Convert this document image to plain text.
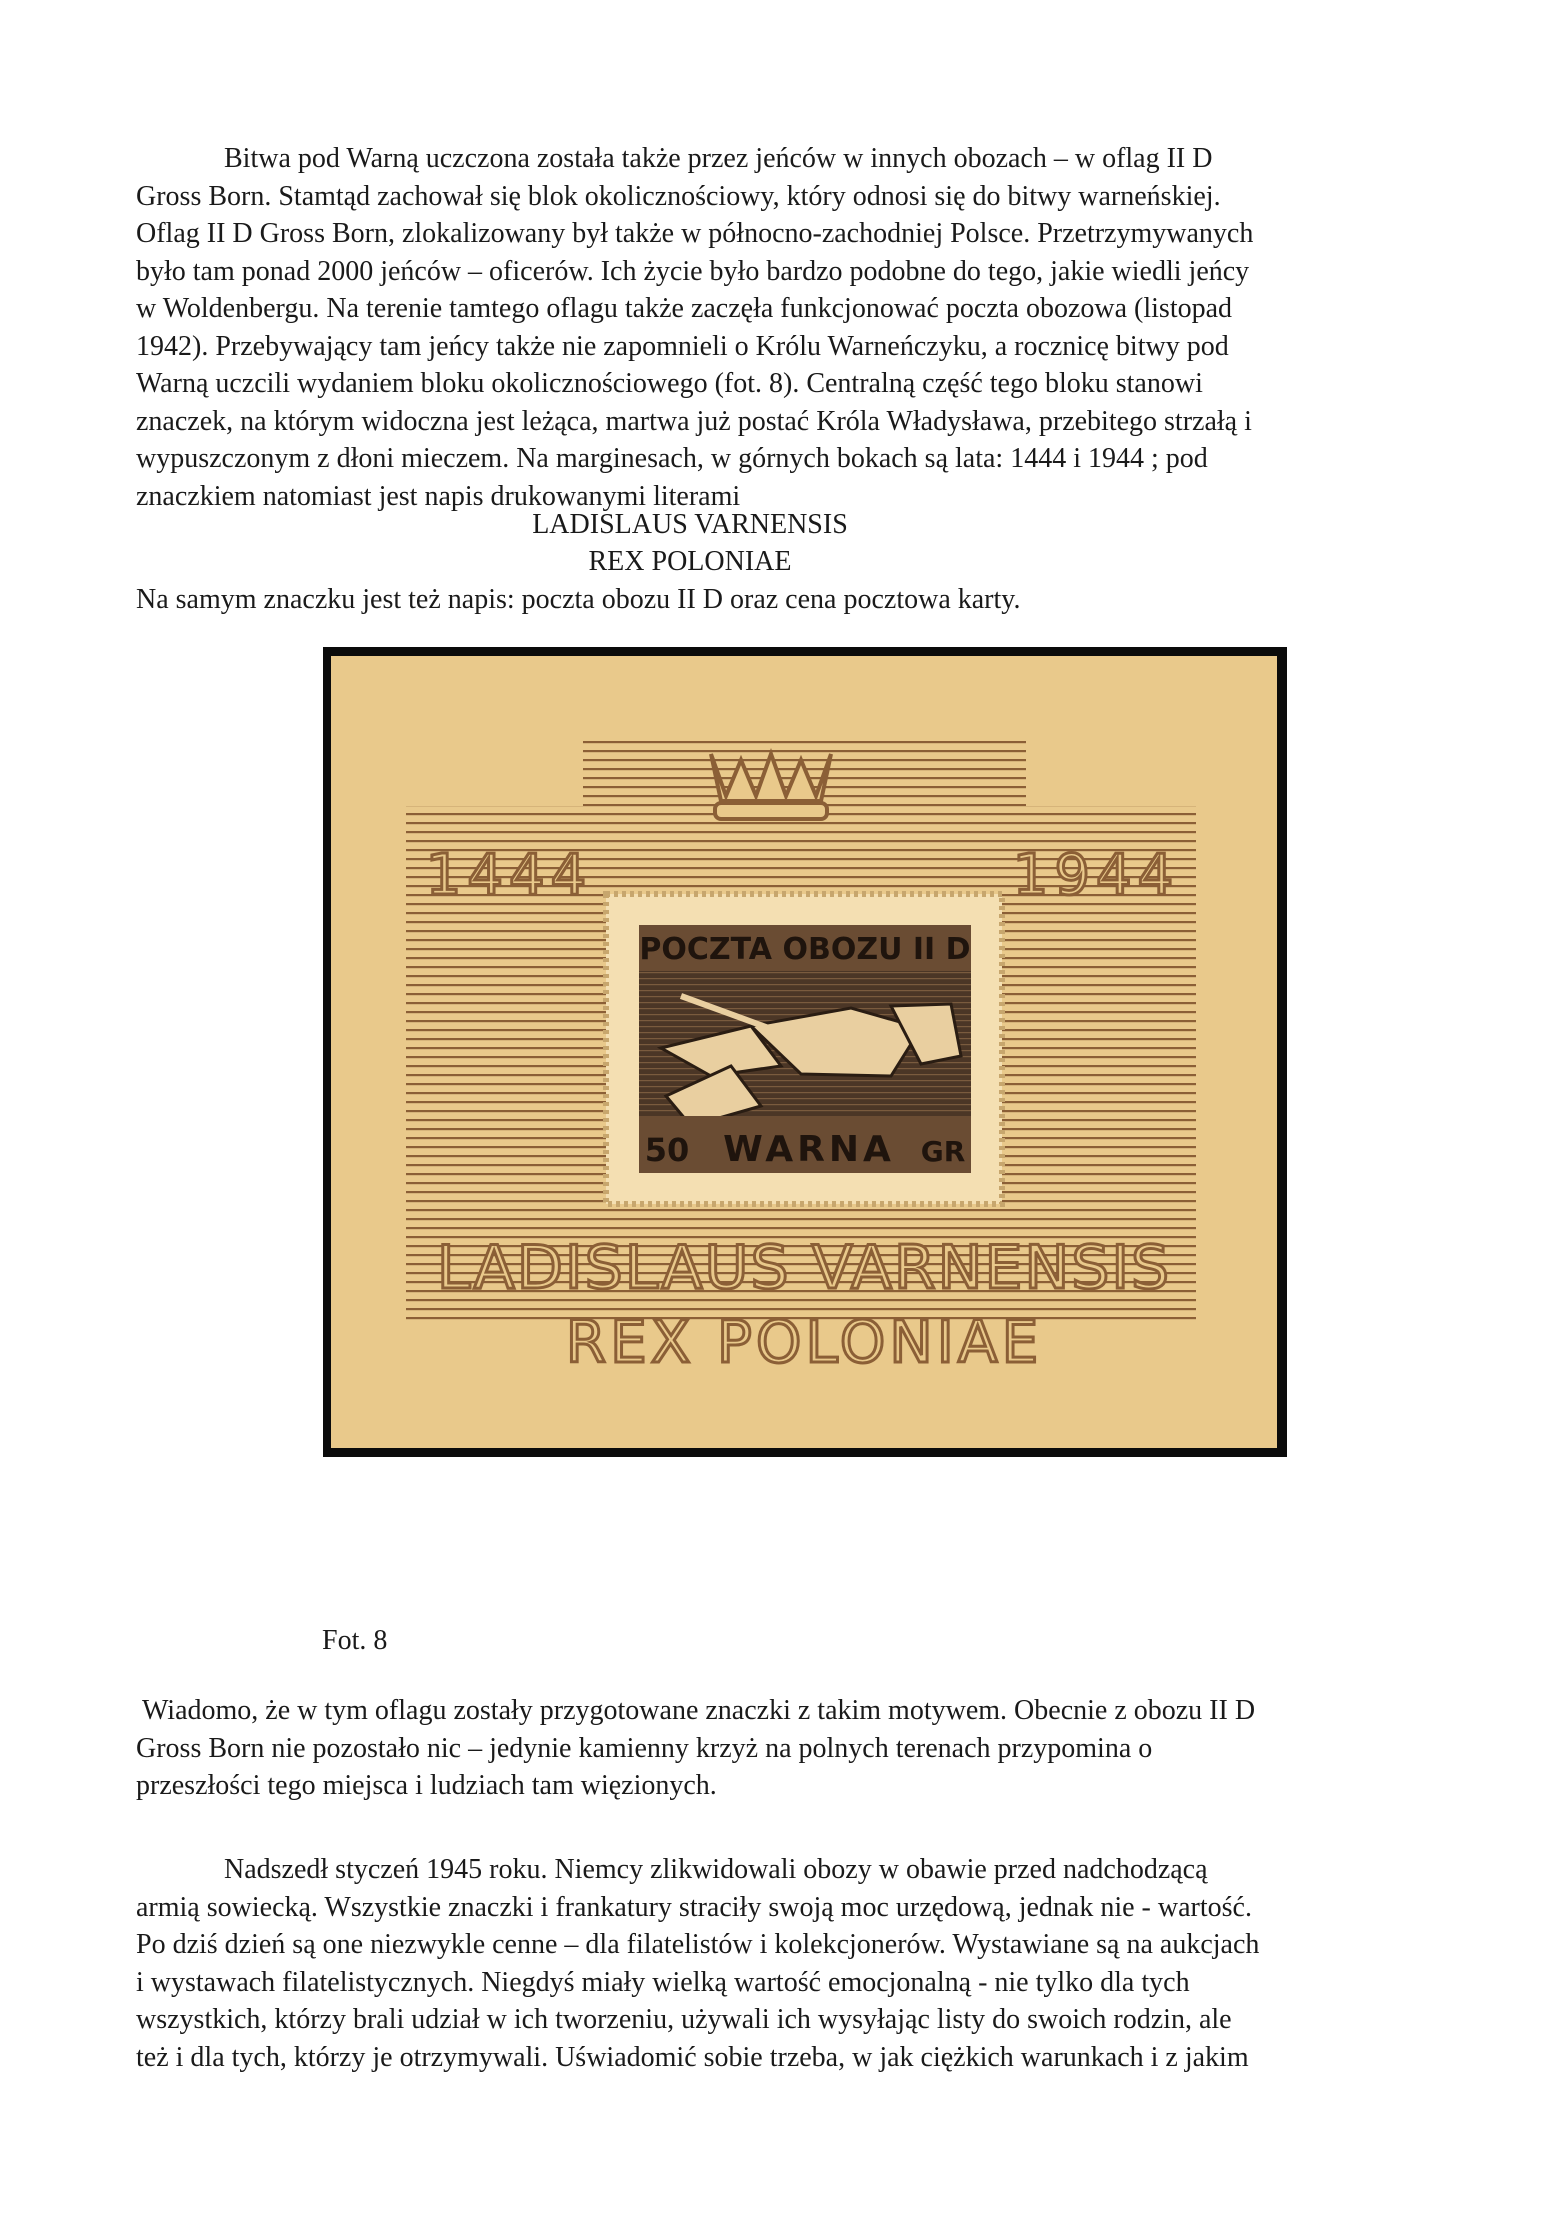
Bitwa pod Warną uczczona została także przez jeńców w innych obozach – w oflag II D
Gross Born. Stamtąd zachował się blok okolicznościowy, który odnosi się do bitwy warneńskiej.
Oflag II D Gross Born, zlokalizowany był także w północno-zachodniej Polsce. Przetrzymywanych
było tam ponad 2000 jeńców – oficerów. Ich życie było bardzo podobne do tego, jakie wiedli jeńcy
w Woldenbergu. Na terenie tamtego oflagu także zaczęła funkcjonować poczta obozowa (listopad
1942). Przebywający tam jeńcy także nie zapomnieli o Królu Warneńczyku, a rocznicę bitwy pod
Warną uczcili wydaniem bloku okolicznościowego (fot. 8). Centralną część tego bloku stanowi
znaczek, na którym widoczna jest leżąca, martwa już postać Króla Władysława, przebitego strzałą i
wypuszczonym z dłoni mieczem. Na marginesach, w górnych bokach są lata: 1444 i 1944 ; pod
znaczkiem natomiast jest napis drukowanymi literami
LADISLAUS VARNENSIS
REX POLONIAE
Na samym znaczku jest też napis: poczta obozu II D oraz cena pocztowa karty.
1444	1944
POCZTA OBOZU II D
50 WARNA GR
LADISLAUS VARNENSIS
REX POLONIAE
Fot. 8
Wiadomo, że w tym oflagu zostały przygotowane znaczki z takim motywem. Obecnie z obozu II D
Gross Born nie pozostało nic – jedynie kamienny krzyż na polnych terenach przypomina o
przeszłości tego miejsca i ludziach tam więzionych.
Nadszedł styczeń 1945 roku. Niemcy zlikwidowali obozy w obawie przed nadchodzącą
armią sowiecką. Wszystkie znaczki i frankatury straciły swoją moc urzędową, jednak nie - wartość.
Po dziś dzień są one niezwykle cenne – dla filatelistów i kolekcjonerów. Wystawiane są na aukcjach
i wystawach filatelistycznych. Niegdyś miały wielką wartość emocjonalną - nie tylko dla tych
wszystkich, którzy brali udział w ich tworzeniu, używali ich wysyłając listy do swoich rodzin, ale
też i dla tych, którzy je otrzymywali. Uświadomić sobie trzeba, w jak ciężkich warunkach i z jakim
